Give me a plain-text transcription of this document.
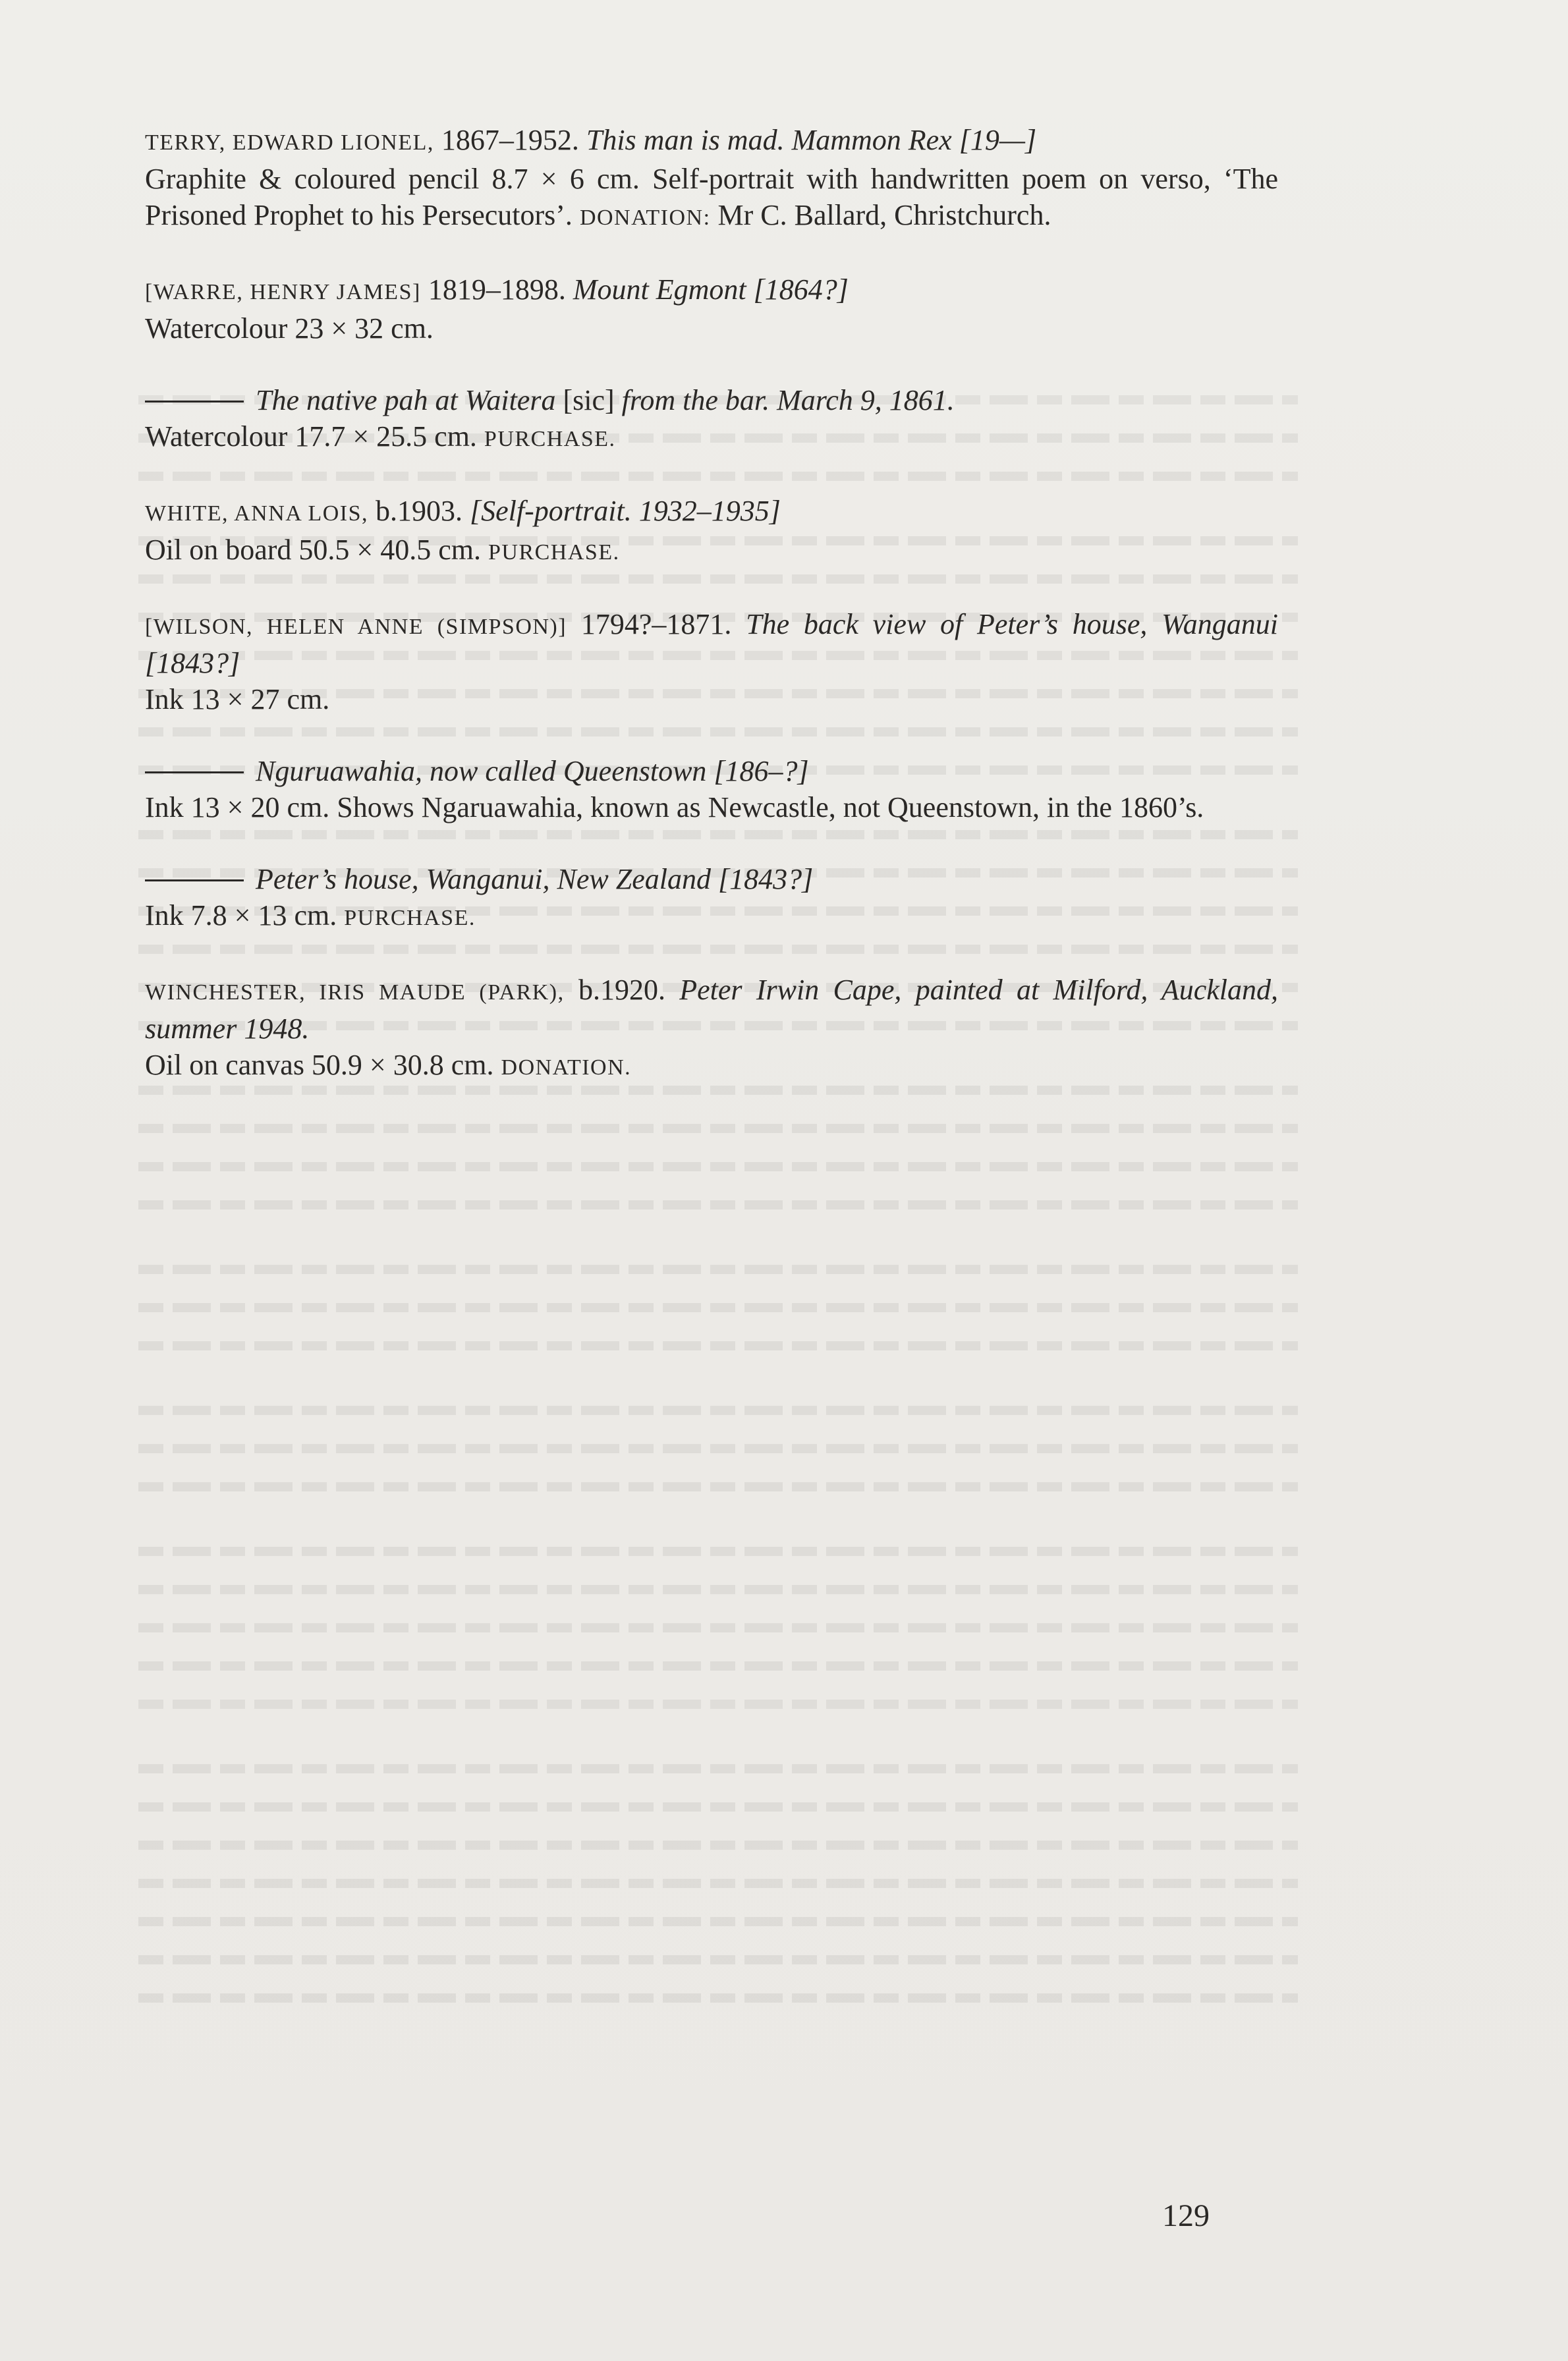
TERRY, EDWARD LIONEL, 1867–1952. This man is mad. Mammon Rex [19—]
Graphite & coloured pencil 8.7 × 6 cm. Self-portrait with handwritten poem on verso, ‘The Prisoned Prophet to his Persecutors’. DONATION: Mr C. Ballard, Christchurch.

[WARRE, HENRY JAMES] 1819–1898. Mount Egmont [1864?]
Watercolour 23 × 32 cm.

The native pah at Waitera [sic] from the bar. March 9, 1861.
Watercolour 17.7 × 25.5 cm. PURCHASE.

WHITE, ANNA LOIS, b.1903. [Self-portrait. 1932–1935]
Oil on board 50.5 × 40.5 cm. PURCHASE.

[WILSON, HELEN ANNE (SIMPSON)] 1794?–1871. The back view of Peter’s house, Wanganui [1843?]
Ink 13 × 27 cm.

Nguruawahia, now called Queenstown [186–?]
Ink 13 × 20 cm. Shows Ngaruawahia, known as Newcastle, not Queenstown, in the 1860’s.

Peter’s house, Wanganui, New Zealand [1843?]
Ink 7.8 × 13 cm. PURCHASE.

WINCHESTER, IRIS MAUDE (PARK), b.1920. Peter Irwin Cape, painted at Milford, Auckland, summer 1948.
Oil on canvas 50.9 × 30.8 cm. DONATION.

129
